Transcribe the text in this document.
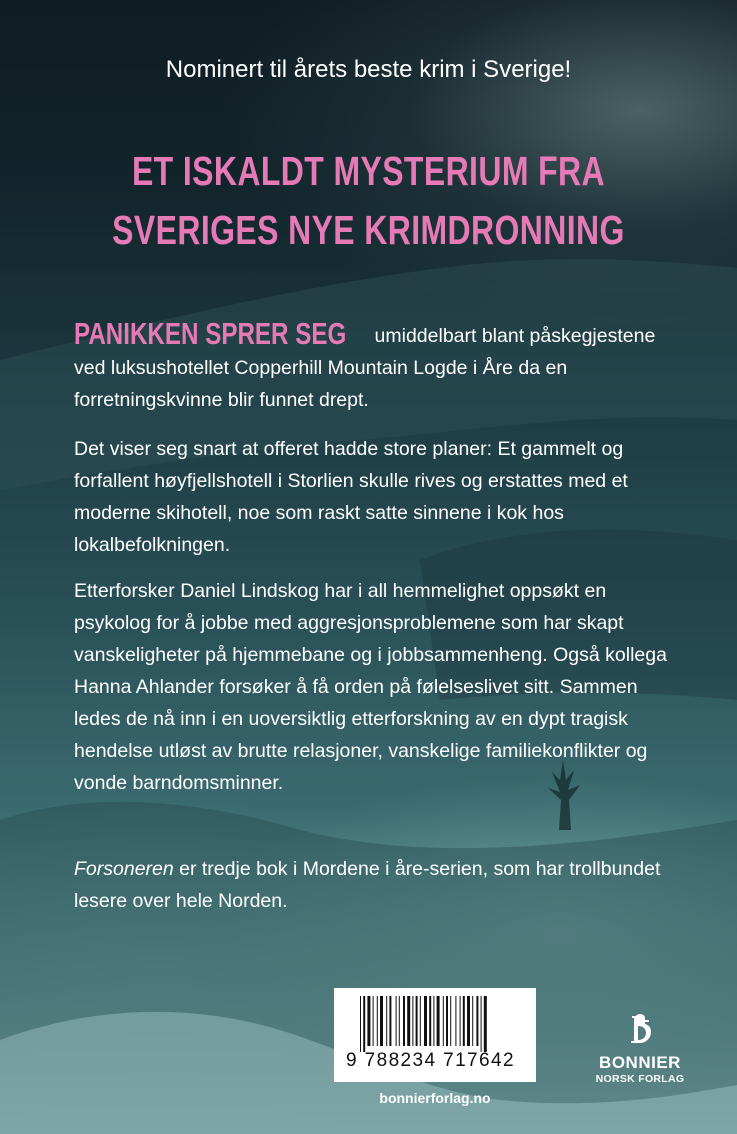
Nominert til årets beste krim i Sverige!
ET ISKALDT MYSTERIUM FRA
SVERIGES NYE KRIMDRONNING
PANIKKEN SPRER SEG umiddelbart blant påskegjestene ved luksushotellet Copperhill Mountain Logde i Åre da en forretningskvinne blir funnet drept.
Det viser seg snart at offeret hadde store planer: Et gammelt og forfallent høyfjellshotell i Storlien skulle rives og erstattes med et moderne skihotell, noe som raskt satte sinnene i kok hos lokalbefolkningen.
Etterforsker Daniel Lindskog har i all hemmelighet oppsøkt en psykolog for å jobbe med aggresjonsproblemene som har skapt vanskeligheter på hjemmebane og i jobbsammenheng. Også kollega Hanna Ahlander forsøker å få orden på følelseslivet sitt. Sammen ledes de nå inn i en uoversiktlig etterforskning av en dypt tragisk hendelse utløst av brutte relasjoner, vanskelige familiekonflikter og vonde barndomsminner.
Forsoneren er tredje bok i Mordene i åre-serien, som har trollbundet lesere over hele Norden.
9 788234 717642
bonnierforlag.no
BONNIER
NORSK FORLAG
